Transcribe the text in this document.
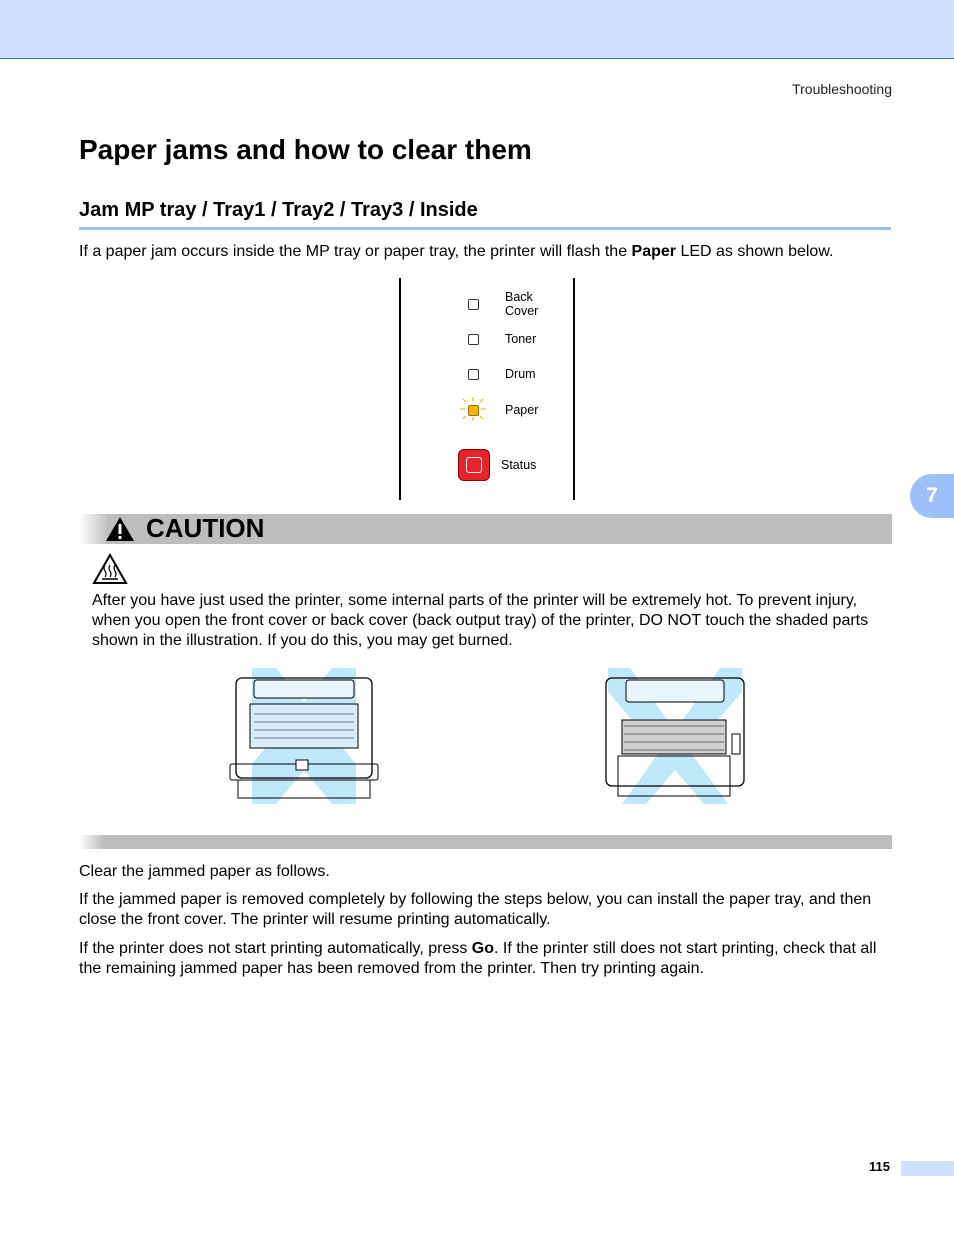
Troubleshooting
7
Paper jams and how to clear them
Jam MP tray / Tray1 / Tray2 / Tray3 / Inside

If a paper jam occurs inside the MP tray or paper tray, the printer will flash the Paper LED as shown below.

Back
Cover
Toner
Drum
Paper
Status
CAUTION

After you have just used the printer, some internal parts of the printer will be extremely hot. To prevent injury, when you open the front cover or back cover (back output tray) of the printer, DO NOT touch the shaded parts shown in the illustration. If you do this, you may get burned.

Clear the jammed paper as follows.

If the jammed paper is removed completely by following the steps below, you can install the paper tray, and then close the front cover. The printer will resume printing automatically.

If the printer does not start printing automatically, press Go. If the printer still does not start printing, check that all the remaining jammed paper has been removed from the printer. Then try printing again.

115
